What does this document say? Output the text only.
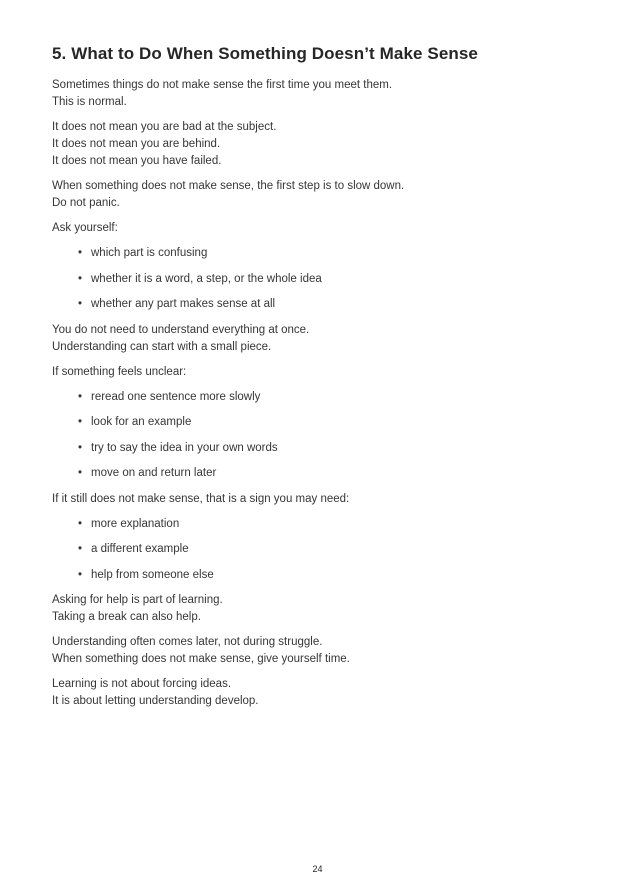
5. What to Do When Something Doesn’t Make Sense

Sometimes things do not make sense the first time you meet them.
This is normal.

It does not mean you are bad at the subject.
It does not mean you are behind.
It does not mean you have failed.

When something does not make sense, the first step is to slow down.
Do not panic.

Ask yourself:

• which part is confusing
• whether it is a word, a step, or the whole idea
• whether any part makes sense at all

You do not need to understand everything at once.
Understanding can start with a small piece.

If something feels unclear:

• reread one sentence more slowly
• look for an example
• try to say the idea in your own words
• move on and return later

If it still does not make sense, that is a sign you may need:

• more explanation
• a different example
• help from someone else

Asking for help is part of learning.
Taking a break can also help.

Understanding often comes later, not during struggle.
When something does not make sense, give yourself time.

Learning is not about forcing ideas.
It is about letting understanding develop.

24
